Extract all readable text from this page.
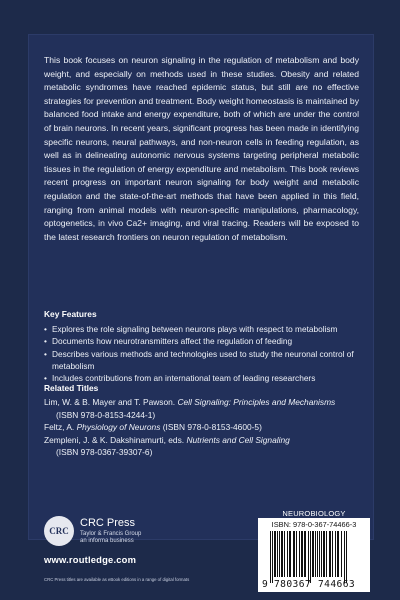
This book focuses on neuron signaling in the regulation of metabolism and body weight, and especially on methods used in these studies. Obesity and related metabolic syndromes have reached epidemic status, but still are no effective strategies for prevention and treatment. Body weight homeostasis is maintained by balanced food intake and energy expenditure, both of which are under the control of brain neurons. In recent years, significant progress has been made in identifying specific neurons, neural pathways, and non-neuron cells in feeding regulation, as well as in delineating autonomic nervous systems targeting peripheral metabolic tissues in the regulation of energy expenditure and metabolism. This book reviews recent progress on important neuron signaling for body weight and metabolic regulation and the state-of-the-art methods that have been applied in this field, ranging from animal models with neuron-specific manipulations, pharmacology, optogenetics, in vivo Ca2+ imaging, and viral tracing. Readers will be exposed to the latest research frontiers on neuron regulation of metabolism.

Key Features
• Explores the role signaling between neurons plays with respect to metabolism
• Documents how neurotransmitters affect the regulation of feeding
• Describes various methods and technologies used to study the neuronal control of metabolism
• Includes contributions from an international team of leading researchers
Related Titles
Lim, W. & B. Mayer and T. Pawson. Cell Signaling: Principles and Mechanisms
(ISBN 978-0-8153-4244-1)
Feltz, A. Physiology of Neurons (ISBN 978-0-8153-4600-5)
Zempleni, J. & K. Dakshinamurti, eds. Nutrients and Cell Signaling
(ISBN 978-0367-39307-6)
CRC

CRC Press

Taylor & Francis Group
an informa business
www.routledge.com
CRC Press titles are available as eBook editions in a range of digital formats
NEUROBIOLOGY

ISBN: 978-0-367-74466-3

9 780367 744663
